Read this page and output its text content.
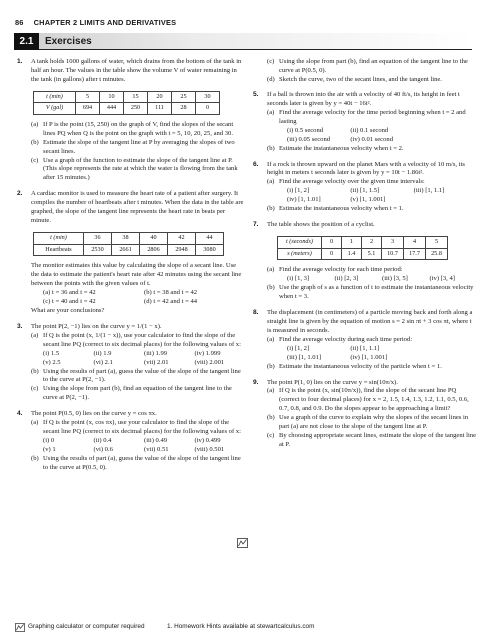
86 CHAPTER 2 LIMITS AND DERIVATIVES
2.1	Exercises
1. A tank holds 1000 gallons of water, which drains from the bottom of the tank in half an hour. The values in the table show the volume V of water remaining in the tank (in gallons) after t minutes.

t (min)	5	10	15	20	25	30
V (gal)	694	444	250	111	28	0
(a) If P is the point (15, 250) on the graph of V, find the slopes of the secant lines PQ when Q is the point on the graph with t = 5, 10, 20, 25, and 30.
(b) Estimate the slope of the tangent line at P by averaging the slopes of two secant lines.
(c) Use a graph of the function to estimate the slope of the tangent line at P. (This slope represents the rate at which the water is flowing from the tank after 15 minutes.)
2. A cardiac monitor is used to measure the heart rate of a patient after surgery. It compiles the number of heartbeats after t minutes. When the data in the table are graphed, the slope of the tangent line represents the heart rate in beats per minute.

t (min)	36	38	40	42	44
Heartbeats	2530	2661	2806	2948	3080

The monitor estimates this value by calculating the slope of a secant line. Use the data to estimate the patient's heart rate after 42 minutes using the secant line between the points with the given values of t.

(a) t = 36 and t = 42	(b) t = 38 and t = 42
(c) t = 40 and t = 42	(d) t = 42 and t = 44

What are your conclusions?

3. The point P(2, −1) lies on the curve y = 1/(1 − x).

(a) If Q is the point (x, 1/(1 − x)), use your calculator to find the slope of the secant line PQ (correct to six decimal places) for the following values of x:
(i) 1.5	(ii) 1.9	(iii) 1.99	(iv) 1.999
(v) 2.5	(vi) 2.1	(vii) 2.01	(viii) 2.001
(b) Using the results of part (a), guess the value of the slope of the tangent line to the curve at P(2, −1).
(c) Using the slope from part (b), find an equation of the tangent line to the curve at P(2, −1).
4. The point P(0.5, 0) lies on the curve y = cos πx.

(a) If Q is the point (x, cos πx), use your calculator to find the slope of the secant line PQ (correct to six decimal places) for the following values of x:
(i) 0	(ii) 0.4	(iii) 0.49	(iv) 0.499
(v) 1	(vi) 0.6	(vii) 0.51	(viii) 0.501
(b) Using the results of part (a), guess the value of the slope of the tangent line to the curve at P(0.5, 0).
(c) Using the slope from part (b), find an equation of the tangent line to the curve at P(0.5, 0).
(d) Sketch the curve, two of the secant lines, and the tangent line.
5. If a ball is thrown into the air with a velocity of 40 ft/s, its height in feet t seconds later is given by y = 40t − 16t².

(a) Find the average velocity for the time period beginning when t = 2 and lasting
(i) 0.5 second	(ii) 0.1 second
(iii) 0.05 second	(iv) 0.01 second
(b) Estimate the instantaneous velocity when t = 2.
6. If a rock is thrown upward on the planet Mars with a velocity of 10 m/s, its height in meters t seconds later is given by y = 10t − 1.86t².

(a) Find the average velocity over the given time intervals:
(i) [1, 2]	(ii) [1, 1.5]	(iii) [1, 1.1]
(iv) [1, 1.01]	(v) [1, 1.001]
(b) Estimate the instantaneous velocity when t = 1.
7. The table shows the position of a cyclist.

t (seconds)	0	1	2	3	4	5
s (meters)	0	1.4	5.1	10.7	17.7	25.8
(a) Find the average velocity for each time period:
(i) [1, 3]	(ii) [2, 3]	(iii) [3, 5]	(iv) [3, 4]
(b) Use the graph of s as a function of t to estimate the instantaneous velocity when t = 3.
8. The displacement (in centimeters) of a particle moving back and forth along a straight line is given by the equation of motion s = 2 sin πt + 3 cos πt, where t is measured in seconds.

(a) Find the average velocity during each time period:
(i) [1, 2]	(ii) [1, 1.1]
(iii) [1, 1.01]	(iv) [1, 1.001]
(b) Estimate the instantaneous velocity of the particle when t = 1.
9. The point P(1, 0) lies on the curve y = sin(10π/x).

(a) If Q is the point (x, sin(10π/x)), find the slope of the secant line PQ (correct to four decimal places) for x = 2, 1.5, 1.4, 1.3, 1.2, 1.1, 0.5, 0.6, 0.7, 0.8, and 0.9. Do the slopes appear to be approaching a limit?
(b) Use a graph of the curve to explain why the slopes of the secant lines in part (a) are not close to the slope of the tangent line at P.
(c) By choosing appropriate secant lines, estimate the slope of the tangent line at P.
Graphing calculator or computer required	1. Homework Hints available at stewartcalculus.com
